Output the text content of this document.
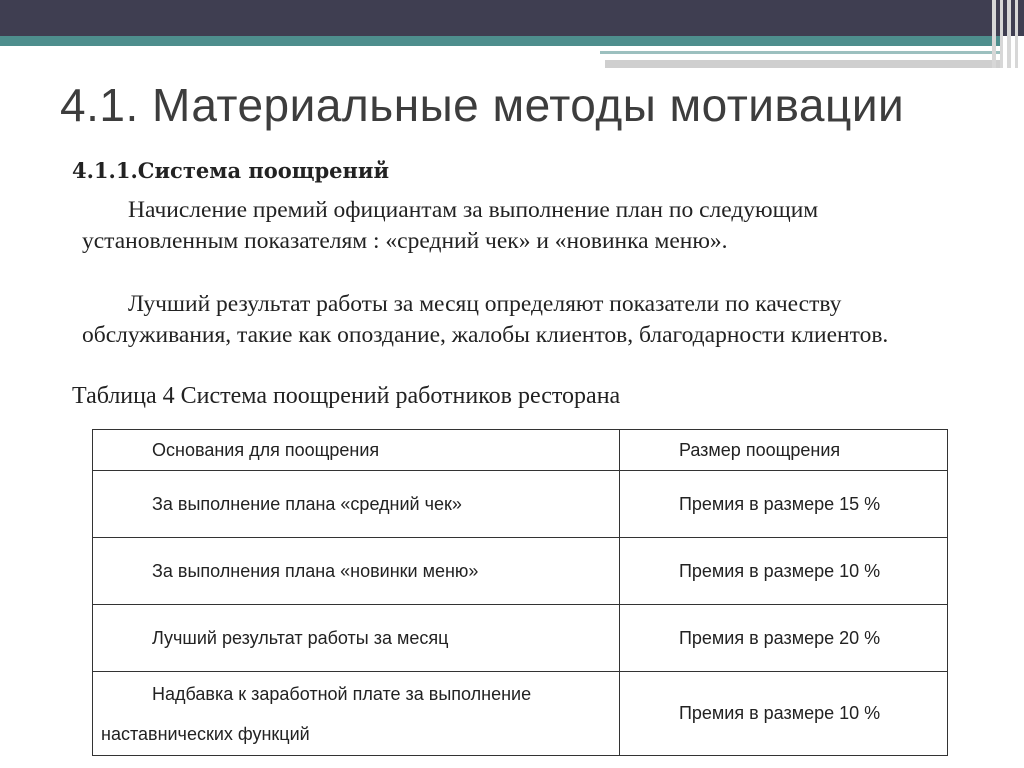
4.1. Материальные методы мотивации
4.1.1.Система поощрений

Начисление премий официантам за выполнение план по следующим установленным показателям : «средний чек» и «новинка меню».

Лучший результат работы за месяц определяют показатели по качеству обслуживания, такие как опоздание, жалобы клиентов, благодарности клиентов.

Таблица 4 Система поощрений работников ресторана
Основания для поощрения	Размер поощрения

За выполнение плана «средний чек»	Премия в размере 15 %

За выполнения плана «новинки меню»	Премия в размере 10 %

Лучший результат работы за месяц	Премия в размере 20 %

Надбавка к заработной плате за выполнение наставнических функций	Премия в размере 10 %
